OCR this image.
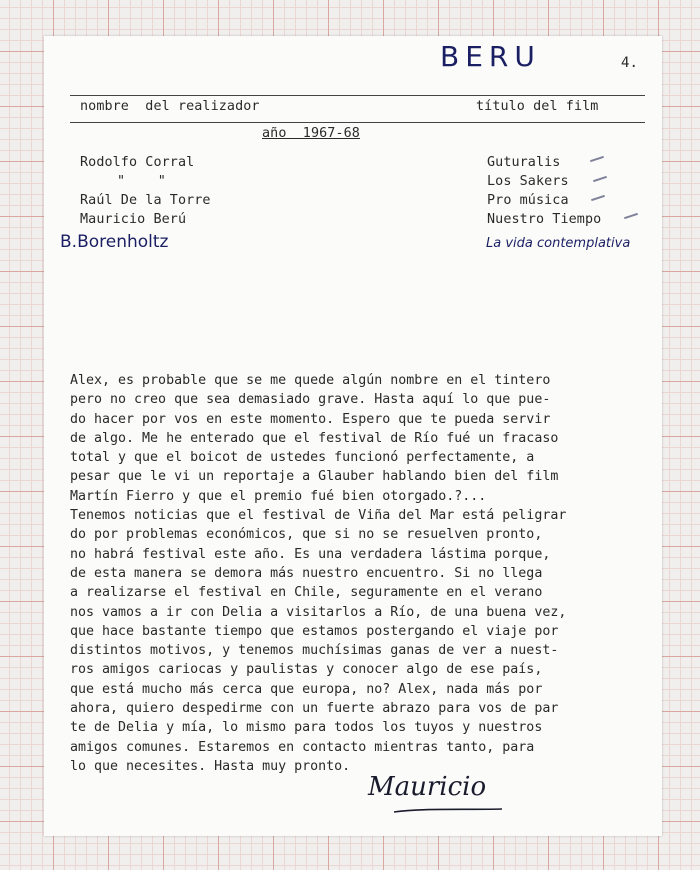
BERU	4.
nombre  del realizador	título del film
año  1967-68
Rodolfo Corral	Guturalis
"    "	Los Sakers
Raúl De la Torre	Pro música
Mauricio Berú	Nuestro Tiempo
B.Borenholtz	La vida contemplativa
Alex, es probable que se me quede algún nombre en el tintero
pero no creo que sea demasiado grave. Hasta aquí lo que pue-
do hacer por vos en este momento. Espero que te pueda servir
de algo. Me he enterado que el festival de Río fué un fracaso
total y que el boicot de ustedes funcionó perfectamente, a
pesar que le vi un reportaje a Glauber hablando bien del film
Martín Fierro y que el premio fué bien otorgado.?...
Tenemos noticias que el festival de Viña del Mar está peligrar
do por problemas económicos, que si no se resuelven pronto,
no habrá festival este año. Es una verdadera lástima porque,
de esta manera se demora más nuestro encuentro. Si no llega
a realizarse el festival en Chile, seguramente en el verano
nos vamos a ir con Delia a visitarlos a Río, de una buena vez,
que hace bastante tiempo que estamos postergando el viaje por
distintos motivos, y tenemos muchísimas ganas de ver a nuest-
ros amigos cariocas y paulistas y conocer algo de ese país,
que está mucho más cerca que europa, no? Alex, nada más por
ahora, quiero despedirme con un fuerte abrazo para vos de par
te de Delia y mía, lo mismo para todos los tuyos y nuestros
amigos comunes. Estaremos en contacto mientras tanto, para
lo que necesites. Hasta muy pronto.
Mauricio
